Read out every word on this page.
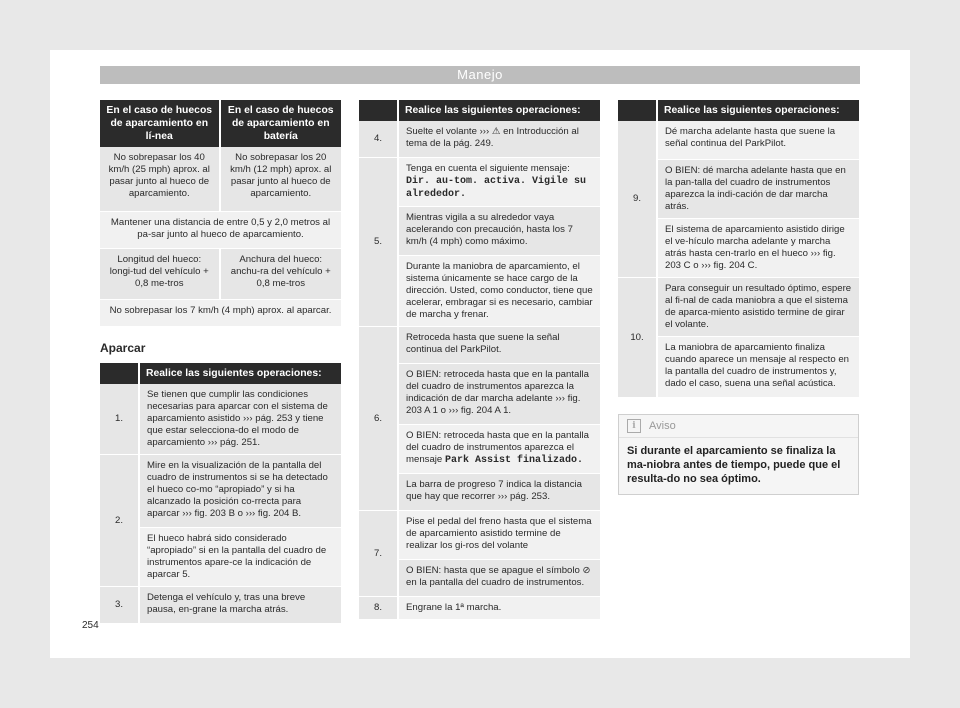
Manejo
En el caso de huecos de aparcamiento en lí-nea	En el caso de huecos de aparcamiento en batería
No sobrepasar los 40 km/h (25 mph) aprox. al pasar junto al hueco de aparcamiento.	No sobrepasar los 20 km/h (12 mph) aprox. al pasar junto al hueco de aparcamiento.
Mantener una distancia de entre 0,5 y 2,0 metros al pa-sar junto al hueco de aparcamiento.	
Longitud del hueco: longi-tud del vehículo + 0,8 me-tros	Anchura del hueco: anchu-ra del vehículo + 0,8 me-tros
No sobrepasar los 7 km/h (4 mph) aprox. al aparcar.	
Aparcar
	Realice las siguientes operaciones:
1.	Se tienen que cumplir las condiciones necesarias para aparcar con el sistema de aparcamiento asistido ››› pág. 253 y tiene que estar selecciona-do el modo de aparcamiento ››› pág. 251.
2.	Mire en la visualización de la pantalla del cuadro de instrumentos si se ha detectado el hueco co-mo “apropiado” y si ha alcanzado la posición co-rrecta para aparcar ››› fig. 203 B o ››› fig. 204 B.
	El hueco habrá sido considerado “apropiado” si en la pantalla del cuadro de instrumentos apare-ce la indicación de aparcar 5.
3.	Detenga el vehículo y, tras una breve pausa, en-grane la marcha atrás.
	Realice las siguientes operaciones:
4.	Suelte el volante ››› ⚠ en Introducción al tema de la pág. 249.
5.	Tenga en cuenta el siguiente mensaje: Dir. au-tom. activa. Vigile su alrededor.
	Mientras vigila a su alrededor vaya acelerando con precaución, hasta los 7 km/h (4 mph) como máximo.
	Durante la maniobra de aparcamiento, el sistema únicamente se hace cargo de la dirección. Usted, como conductor, tiene que acelerar, embragar si es necesario, cambiar de marcha y frenar.
6.	Retroceda hasta que suene la señal continua del ParkPilot.
	O BIEN: retroceda hasta que en la pantalla del cuadro de instrumentos aparezca la indicación de dar marcha adelante ››› fig. 203 A 1 o ››› fig. 204 A 1.
	O BIEN: retroceda hasta que en la pantalla del cuadro de instrumentos aparezca el mensaje Park Assist finalizado.
	La barra de progreso 7 indica la distancia que hay que recorrer ››› pág. 253.
7.	Pise el pedal del freno hasta que el sistema de aparcamiento asistido termine de realizar los gi-ros del volante
	O BIEN: hasta que se apague el símbolo ⊘ en la pantalla del cuadro de instrumentos.
8.	Engrane la 1ª marcha.
	Realice las siguientes operaciones:
9.	Dé marcha adelante hasta que suene la señal continua del ParkPilot.
	O BIEN: dé marcha adelante hasta que en la pan-talla del cuadro de instrumentos aparezca la indi-cación de dar marcha atrás.
	El sistema de aparcamiento asistido dirige el ve-hículo marcha adelante y marcha atrás hasta cen-trarlo en el hueco ››› fig. 203 C o ››› fig. 204 C.
10.	Para conseguir un resultado óptimo, espere al fi-nal de cada maniobra a que el sistema de aparca-miento asistido termine de girar el volante.
	La maniobra de aparcamiento finaliza cuando aparece un mensaje al respecto en la pantalla del cuadro de instrumentos y, dado el caso, suena una señal acústica.
i	Aviso
Si durante el aparcamiento se finaliza la ma-niobra antes de tiempo, puede que el resulta-do no sea óptimo.
254
